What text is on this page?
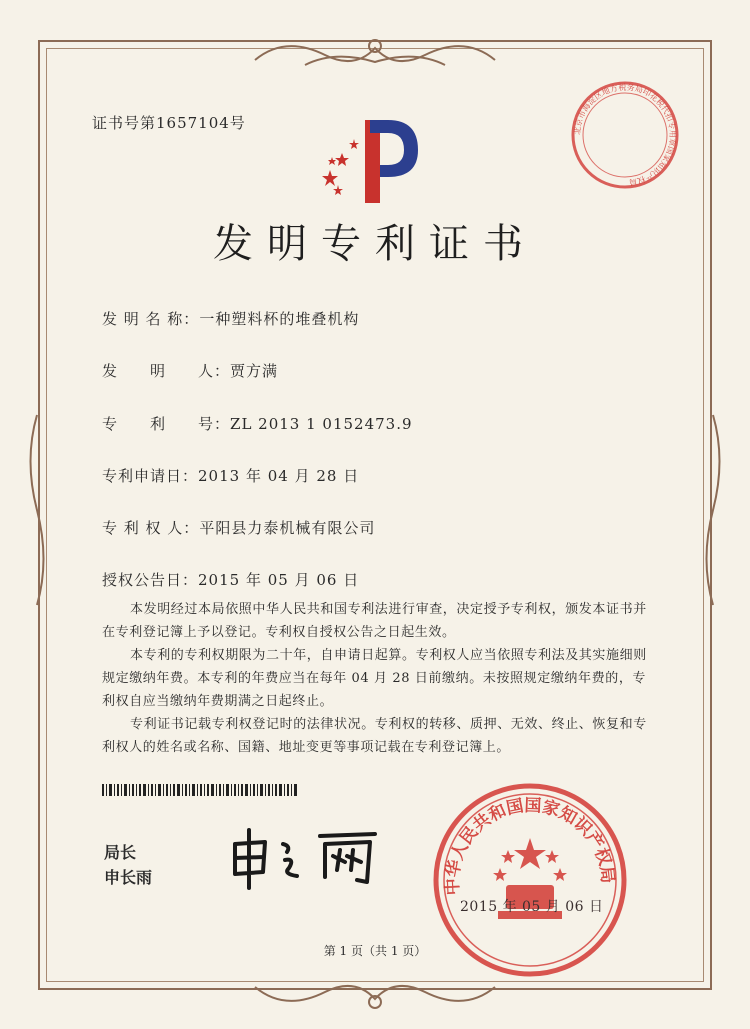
证书号第1657104号
发明专利证书
发 明 名 称：一种塑料杯的堆叠机构
发　　明　　人：贾方满
专　　利　　号：ZL 2013 1 0152473.9
专利申请日：2013 年 04 月 28 日
专 利 权 人：平阳县力泰机械有限公司
授权公告日：2015 年 05 月 06 日

本发明经过本局依照中华人民共和国专利法进行审查，决定授予专利权，颁发本证书并在专利登记簿上予以登记。专利权自授权公告之日起生效。

本专利的专利权期限为二十年，自申请日起算。专利权人应当依照专利法及其实施细则规定缴纳年费。本专利的年费应当在每年 04 月 28 日前缴纳。未按照规定缴纳年费的，专利权自应当缴纳年费期满之日起终止。

专利证书记载专利权登记时的法律状况。专利权的转移、质押、无效、终止、恢复和专利权人的姓名或名称、国籍、地址变更等事项记载在专利登记簿上。

局长
申长雨	中华人民共和国国家知识产权局
北京市海淀区地方税务局印花税代扣专用章国家知识产权局
2015 年 05 月 06 日
第 1 页（共 1 页）
